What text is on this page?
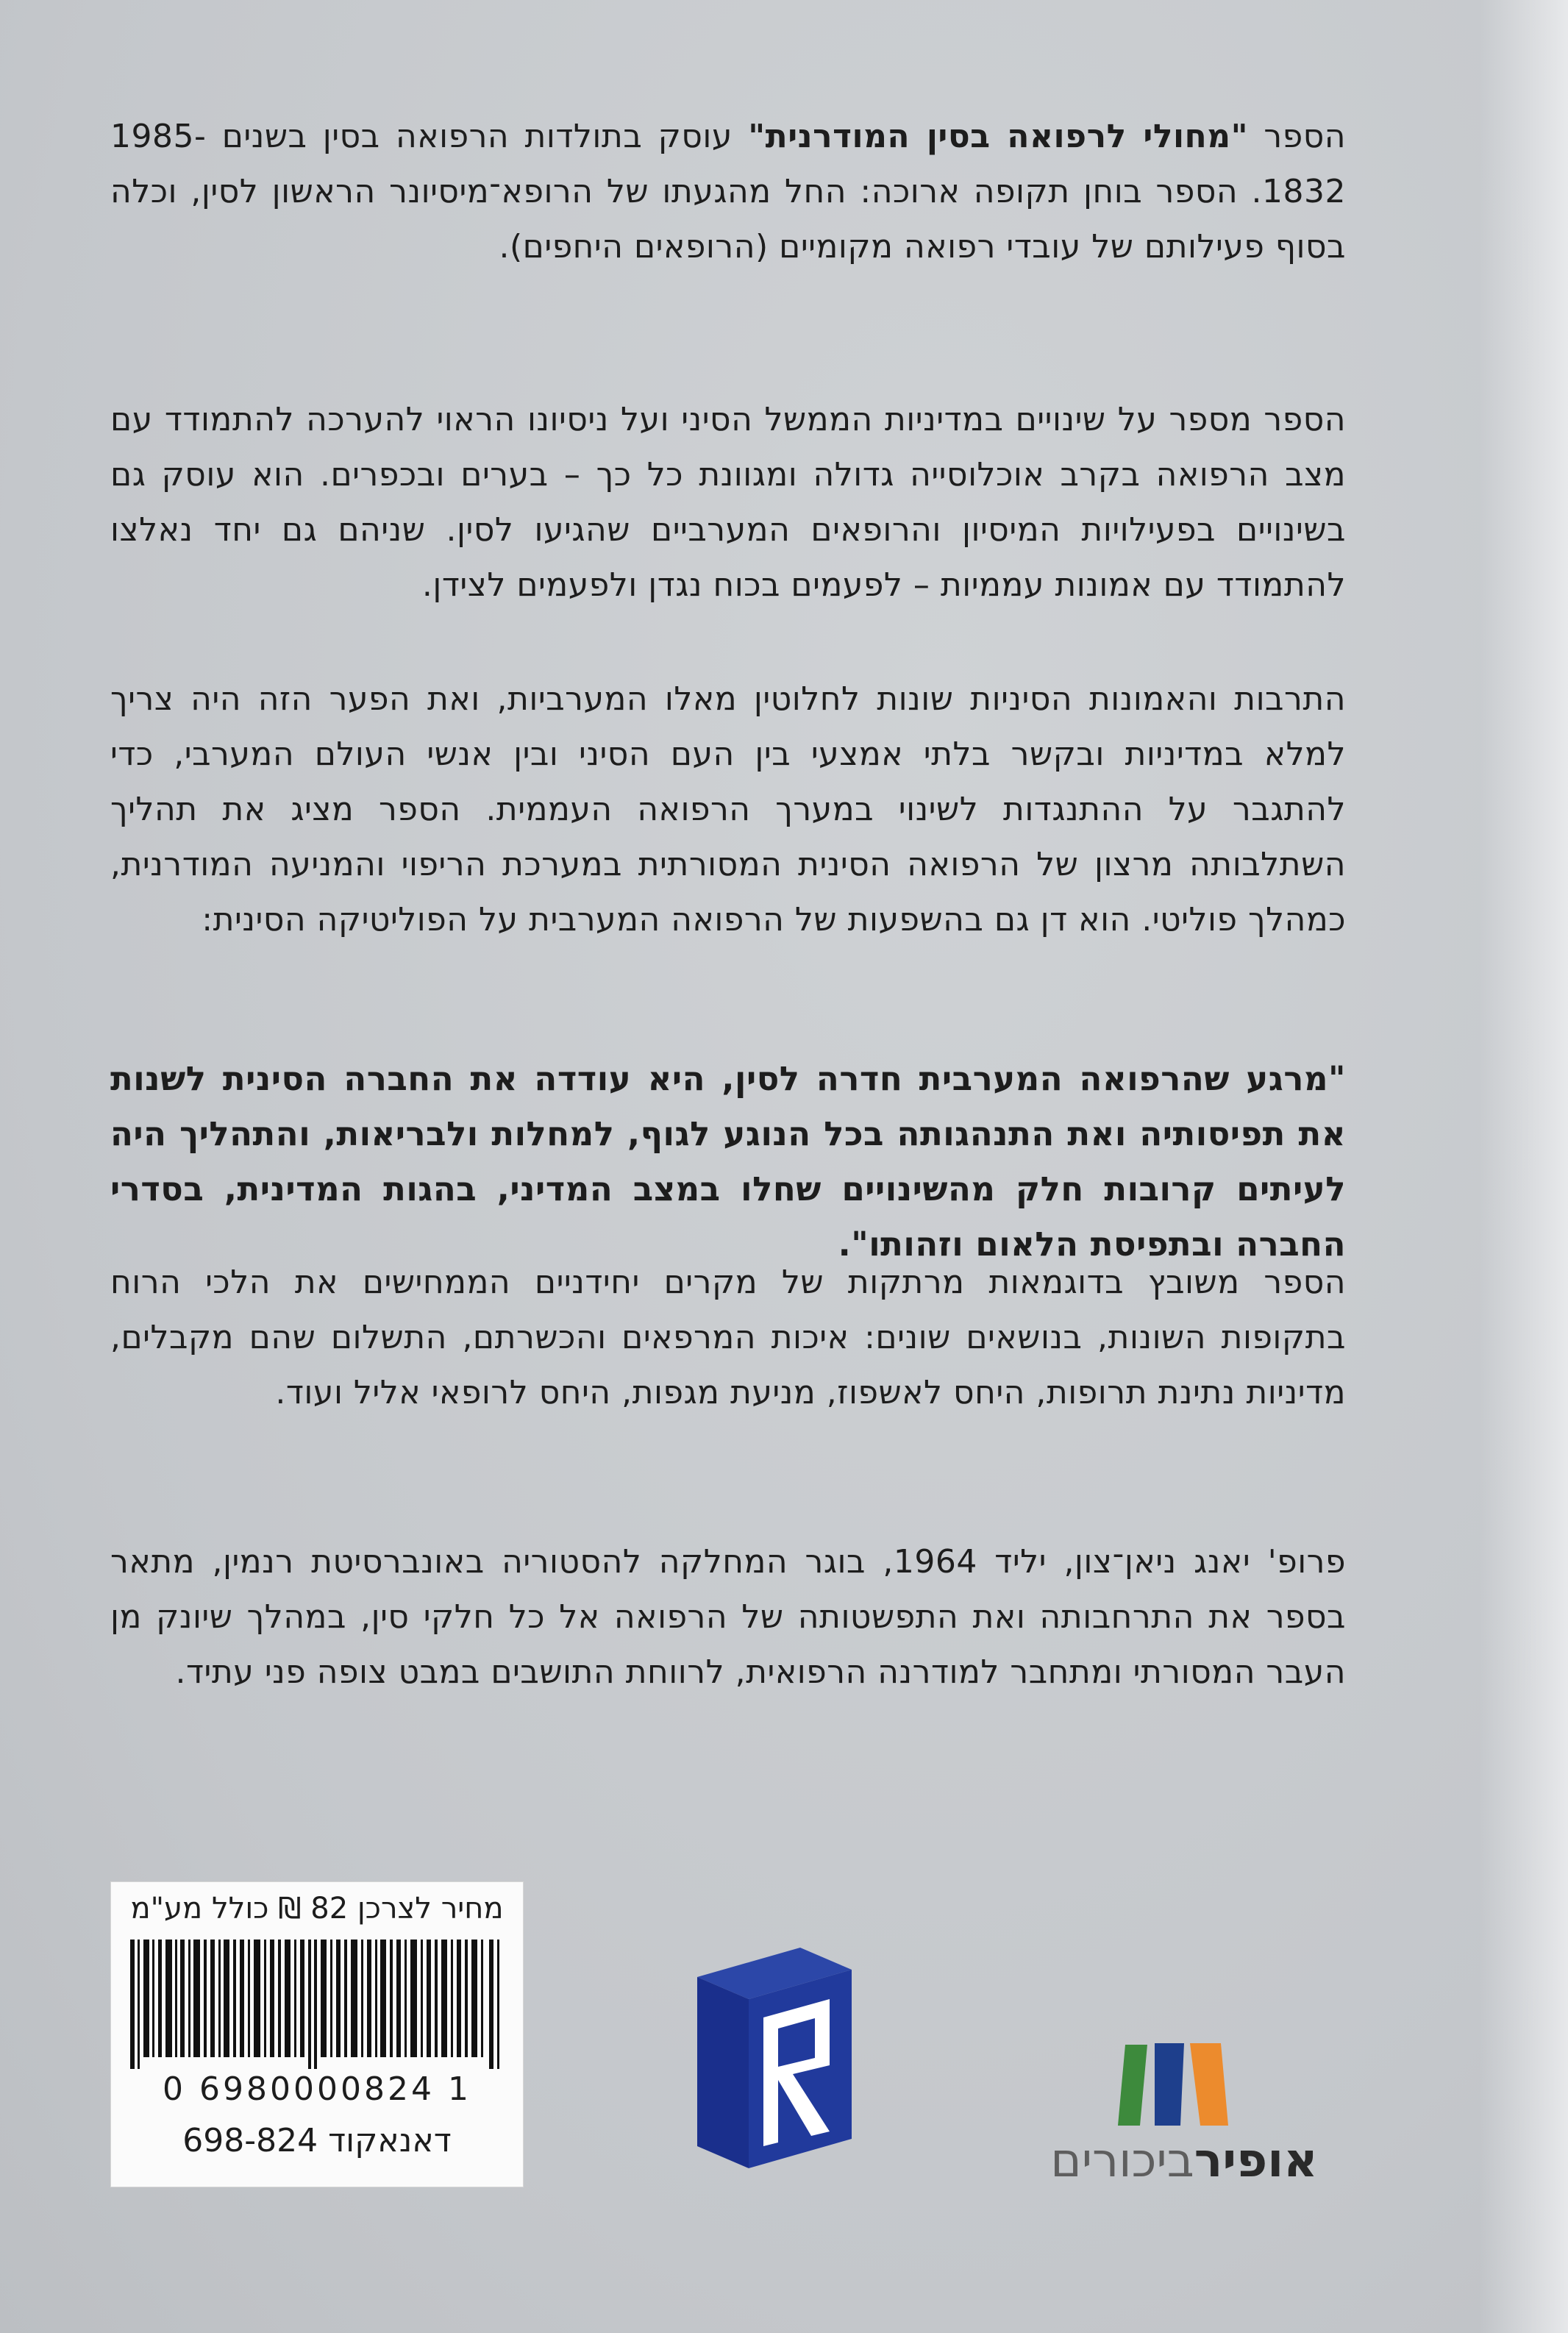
הספר "מחולי לרפואה בסין המודרנית" עוסק בתולדות הרפואה בסין בשנים 1985-1832. הספר בוחן תקופה ארוכה: החל מהגעתו של הרופא־מיסיונר הראשון לסין, וכלה בסוף פעילותם של עובדי רפואה מקומיים (הרופאים היחפים).

הספר מספר על שינויים במדיניות הממשל הסיני ועל ניסיונו הראוי להערכה להתמודד עם מצב הרפואה בקרב אוכלוסייה גדולה ומגוונת כל כך – בערים ובכפרים. הוא עוסק גם בשינויים בפעילויות המיסיון והרופאים המערביים שהגיעו לסין. שניהם גם יחד נאלצו להתמודד עם אמונות עממיות – לפעמים בכוח נגדן ולפעמים לצידן.

התרבות והאמונות הסיניות שונות לחלוטין מאלו המערביות, ואת הפער הזה היה צריך למלא במדיניות ובקשר בלתי אמצעי בין העם הסיני ובין אנשי העולם המערבי, כדי להתגבר על ההתנגדות לשינוי במערך הרפואה העממית. הספר מציג את תהליך השתלבותה מרצון של הרפואה הסינית המסורתית במערכת הריפוי והמניעה המודרנית, כמהלך פוליטי. הוא דן גם בהשפעות של הרפואה המערבית על הפוליטיקה הסינית:

"מרגע שהרפואה המערבית חדרה לסין, היא עודדה את החברה הסינית לשנות את תפיסותיה ואת התנהגותה בכל הנוגע לגוף, למחלות ולבריאות, והתהליך היה לעיתים קרובות חלק מהשינויים שחלו במצב המדיני, בהגות המדינית, בסדרי החברה ובתפיסת הלאום וזהותו".

הספר משובץ בדוגמאות מרתקות של מקרים יחידניים הממחישים את הלכי הרוח בתקופות השונות, בנושאים שונים: איכות המרפאים והכשרתם, התשלום שהם מקבלים, מדיניות נתינת תרופות, היחס לאשפוז, מניעת מגפות, היחס לרופאי אליל ועוד.

פרופ' יאנג ניאן־צון, יליד 1964, בוגר המחלקה להסטוריה באונברסיטת רנמין, מתאר בספר את התרחבותה ואת התפשטותה של הרפואה אל כל חלקי סין, במהלך שיונק מן העבר המסורתי ומתחבר למודרנה הרפואית, לרווחת התושבים במבט צופה פני עתיד.

מחיר לצרכן 82 ₪ כולל מע"מ
0 6980000824 1
דאנאקוד 698-824	אופירביכורים
